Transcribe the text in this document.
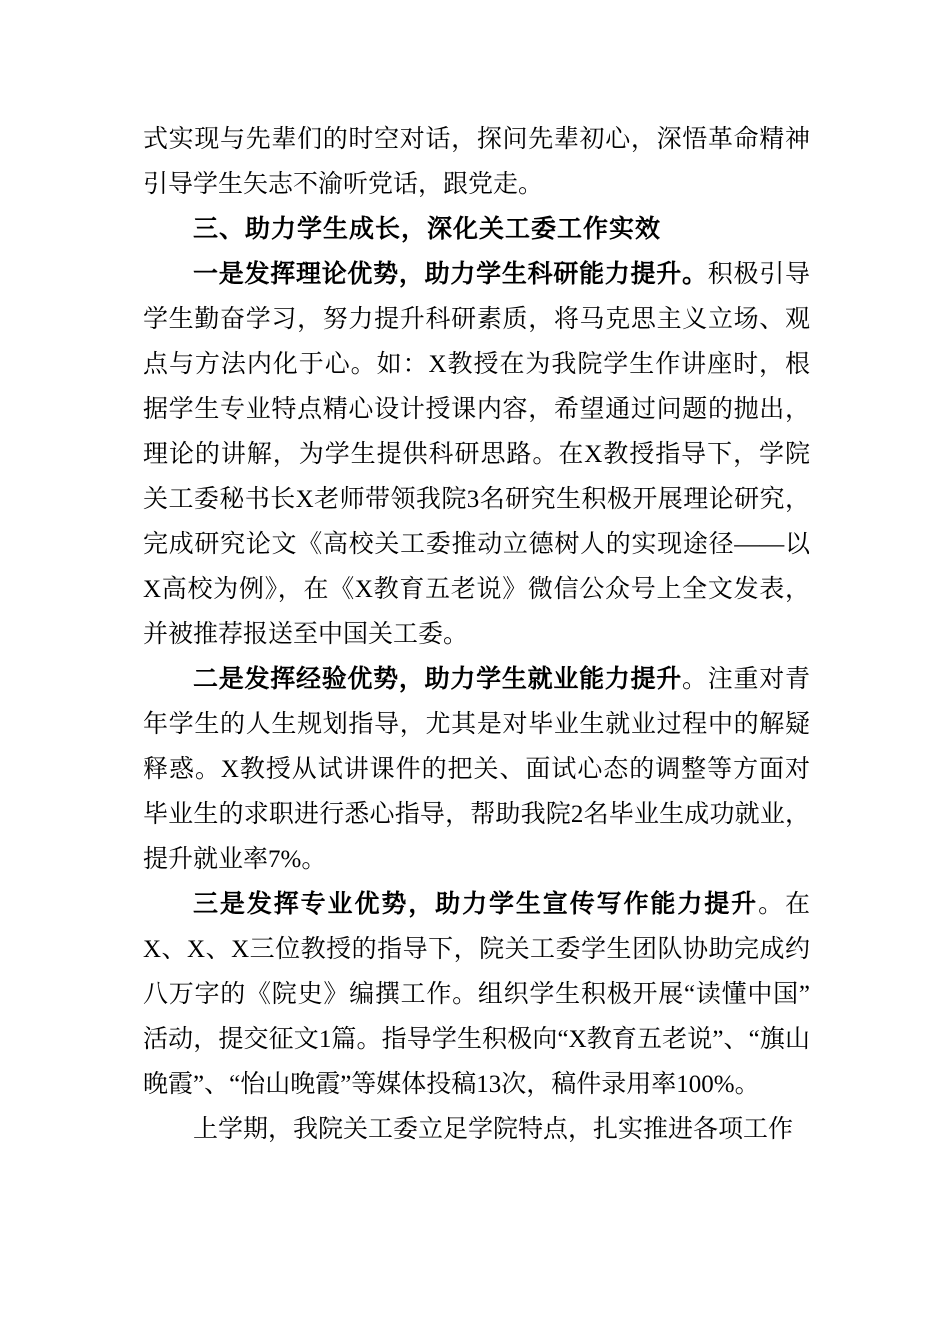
式实现与先辈们的时空对话，探问先辈初心，深悟革命精神引导学生矢志不渝听党话，跟党走。

三、助力学生成长，深化关工委工作实效

一是发挥理论优势，助力学生科研能力提升。积极引导学生勤奋学习，努力提升科研素质，将马克思主义立场、观点与方法内化于心。如：X教授在为我院学生作讲座时，根据学生专业特点精心设计授课内容，希望通过问题的抛出，理论的讲解，为学生提供科研思路。在X教授指导下，学院关工委秘书长X老师带领我院3名研究生积极开展理论研究，完成研究论文《高校关工委推动立德树人的实现途径——以X高校为例》，在《X教育五老说》微信公众号上全文发表，并被推荐报送至中国关工委。

二是发挥经验优势，助力学生就业能力提升。注重对青年学生的人生规划指导，尤其是对毕业生就业过程中的解疑释惑。X教授从试讲课件的把关、面试心态的调整等方面对毕业生的求职进行悉心指导，帮助我院2名毕业生成功就业，提升就业率7%。

三是发挥专业优势，助力学生宣传写作能力提升。在X、X、X三位教授的指导下，院关工委学生团队协助完成约八万字的《院史》编撰工作。组织学生积极开展“读懂中国”活动，提交征文1篇。指导学生积极向“X教育五老说”、“旗山晚霞”、“怡山晚霞”等媒体投稿13次，稿件录用率100%。

上学期，我院关工委立足学院特点，扎实推进各项工作
